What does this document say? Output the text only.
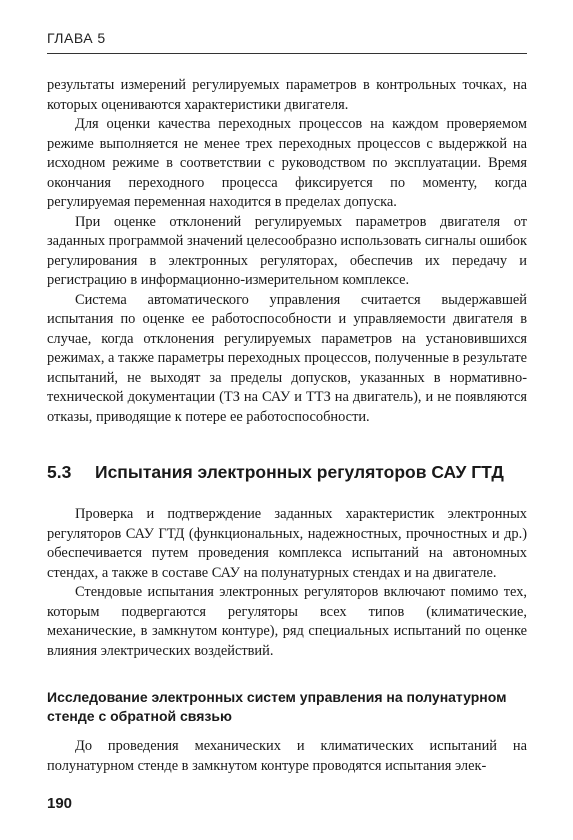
ГЛАВА 5

результаты измерений регулируемых параметров в контрольных точках, на которых оцениваются характеристики двигателя.

Для оценки качества переходных процессов на каждом проверяемом режиме выполняется не менее трех переходных процессов с выдержкой на исходном режиме в соответствии с руководством по эксплуатации. Время окончания переходного процесса фиксируется по моменту, когда регулируемая переменная находится в пределах допуска.

При оценке отклонений регулируемых параметров двигателя от заданных программой значений целесообразно использовать сигналы ошибок регулирования в электронных регуляторах, обеспечив их передачу и регистрацию в информационно-измерительном комплексе.

Система автоматического управления считается выдержавшей испытания по оценке ее работоспособности и управляемости двигателя в случае, когда отклонения регулируемых параметров на установившихся режимах, а также параметры переходных процессов, полученные в результате испытаний, не выходят за пределы допусков, указанных в нормативно-технической документации (ТЗ на САУ и ТТЗ на двигатель), и не появляются отказы, приводящие к потере ее работоспособности.

5.3 Испытания электронных регуляторов САУ ГТД

Проверка и подтверждение заданных характеристик электронных регуляторов САУ ГТД (функциональных, надежностных, прочностных и др.) обеспечивается путем проведения комплекса испытаний на автономных стендах, а также в составе САУ на полунатурных стендах и на двигателе.

Стендовые испытания электронных регуляторов включают помимо тех, которым подвергаются регуляторы всех типов (климатические, механические, в замкнутом контуре), ряд специальных испытаний по оценке влияния электрических воздействий.

Исследование электронных систем управления на полунатурном стенде с обратной связью

До проведения механических и климатических испытаний на полунатурном стенде в замкнутом контуре проводятся испытания элек-

190
